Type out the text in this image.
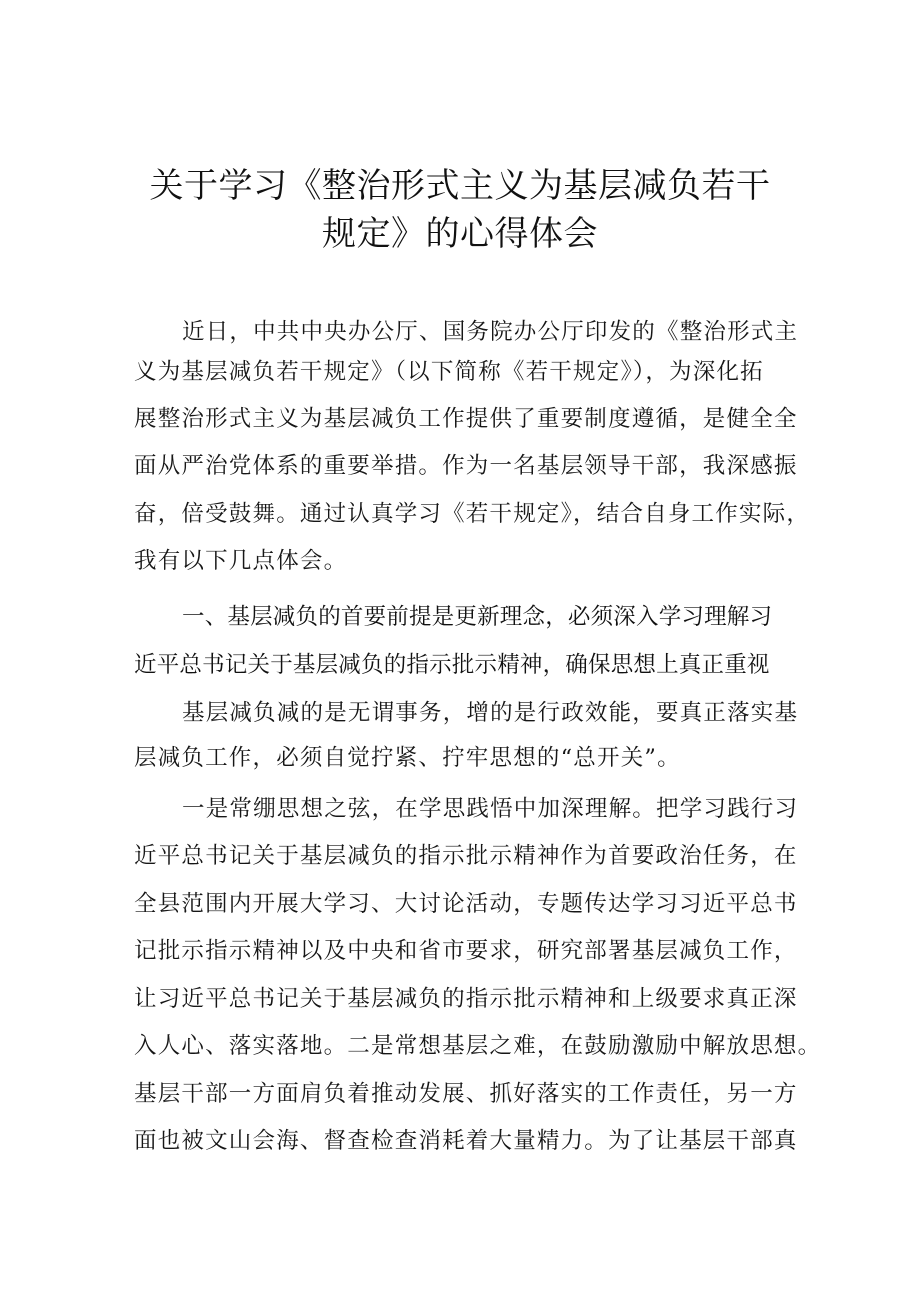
关于学习《整治形式主义为基层减负若干
规定》的心得体会
近日，中共中央办公厅、国务院办公厅印发的《整治形式主
义为基层减负若干规定》（以下简称《若干规定》），为深化拓
展整治形式主义为基层减负工作提供了重要制度遵循，是健全全
面从严治党体系的重要举措。作为一名基层领导干部，我深感振
奋，倍受鼓舞。通过认真学习《若干规定》，结合自身工作实际，
我有以下几点体会。
一、基层减负的首要前提是更新理念，必须深入学习理解习
近平总书记关于基层减负的指示批示精神，确保思想上真正重视
基层减负减的是无谓事务，增的是行政效能，要真正落实基
层减负工作，必须自觉拧紧、拧牢思想的“总开关”。
一是常绷思想之弦，在学思践悟中加深理解。把学习践行习
近平总书记关于基层减负的指示批示精神作为首要政治任务，在
全县范围内开展大学习、大讨论活动，专题传达学习习近平总书
记批示指示精神以及中央和省市要求，研究部署基层减负工作，
让习近平总书记关于基层减负的指示批示精神和上级要求真正深
入人心、落实落地。二是常想基层之难，在鼓励激励中解放思想。
基层干部一方面肩负着推动发展、抓好落实的工作责任，另一方
面也被文山会海、督查检查消耗着大量精力。为了让基层干部真
